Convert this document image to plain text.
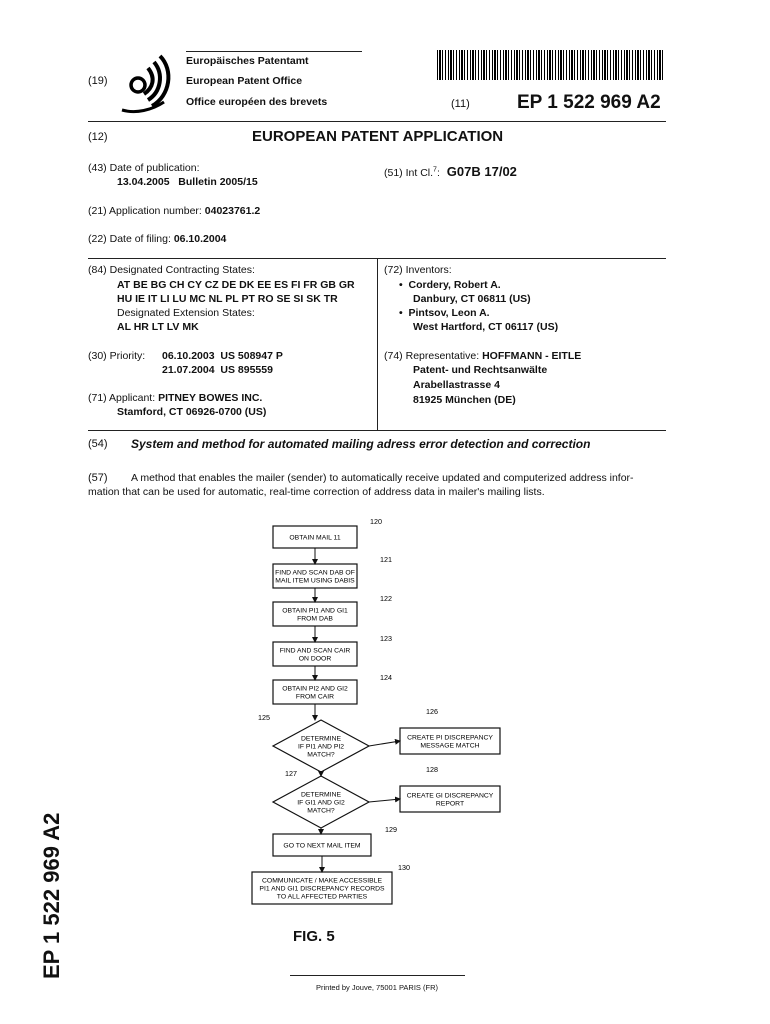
Europäisches Patentamt
European Patent Office
Office européen des brevets
(19)
(11) EP 1 522 969 A2
(12)	EUROPEAN PATENT APPLICATION
(43) Date of publication:
13.04.2005   Bulletin 2005/15
(51) Int Cl.$^7$: G07B 17/02
(21) Application number: 04023761.2
(22) Date of filing: 06.10.2004
(84) Designated Contracting States:
AT BE BG CH CY CZ DE DK EE ES FI FR GB GR
HU IE IT LI LU MC NL PL PT RO SE SI SK TR
Designated Extension States:
AL HR LT LV MK
(72) Inventors:
•  Cordery, Robert A.
Danbury, CT 06811 (US)
•  Pintsov, Leon A.
West Hartford, CT 06117 (US)
(30) Priority: 06.10.2003  US 508947 P
21.07.2004  US 895559
(74) Representative: HOFFMANN - EITLE
Patent- und Rechtsanwälte
Arabellastrasse 4
81925 München (DE)
(71) Applicant: PITNEY BOWES INC.
Stamford, CT 06926-0700 (US)
(54) System and method for automated mailing adress error detection and correction
(57) A method that enables the mailer (sender) to automatically receive updated and computerized address infor-
mation that can be used for automatic, real-time correction of address data in mailer's mailing lists.
OBTAIN MAIL 11
120
FIND AND SCAN DAB OF
MAIL ITEM USING DABIS
121
OBTAIN PI1 AND GI1
FROM DAB
122
FIND AND SCAN CAIR
ON DOOR
123
OBTAIN PI2 AND GI2
FROM CAIR
124
DETERMINE
IF PI1 AND PI2
MATCH?
125
CREATE PI DISCREPANCY
MESSAGE MATCH
126
DETERMINE
IF GI1 AND GI2
MATCH?
127
CREATE GI DISCREPANCY
REPORT
128
GO TO NEXT MAIL ITEM
129
COMMUNICATE / MAKE ACCESSIBLE
PI1 AND GI1 DISCREPANCY RECORDS
TO ALL AFFECTED PARTIES
130
FIG. 5
EP 1 522 969 A2
Printed by Jouve, 75001 PARIS (FR)
